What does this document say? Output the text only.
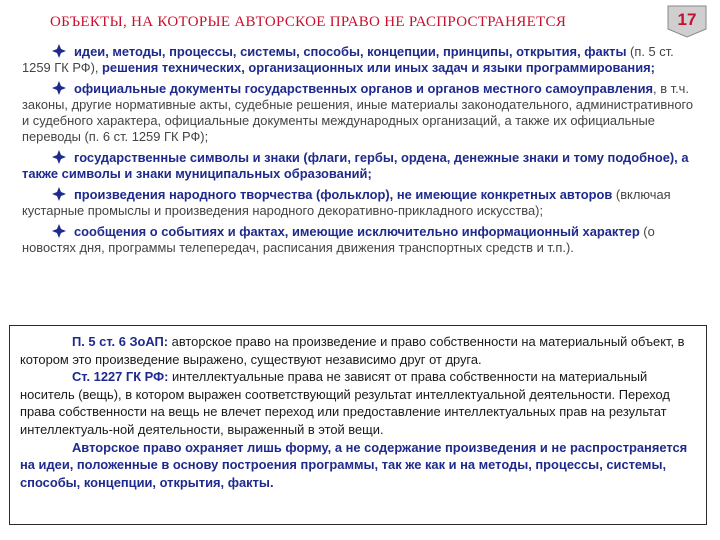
ОБЪЕКТЫ, НА КОТОРЫЕ АВТОРСКОЕ ПРАВО НЕ РАСПРОСТРАНЯЕТСЯ	17

идеи, методы, процессы, системы, способы, концепции, принципы, открытия, факты (п. 5 ст. 1259 ГК РФ), решения технических, организационных или иных задач и языки программирования;

официальные документы государственных органов и органов местного самоуправления, в т.ч. законы, другие нормативные акты, судебные решения, иные материалы законодательного, административного и судебного характера, официальные документы международных организаций, а также их официальные переводы (п. 6 ст. 1259 ГК РФ);

государственные символы и знаки (флаги, гербы, ордена, денежные знаки и тому подобное), а также символы и знаки муниципальных образований;

произведения народного творчества (фольклор), не имеющие конкретных авторов (включая кустарные промыслы и произведения народного декоративно-прикладного искусства);

сообщения о событиях и фактах, имеющие исключительно информационный характер (о новостях дня, программы телепередач, расписания движения транспортных средств и т.п.).

П. 5 ст. 6 ЗоАП: авторское право на произведение и право собственности на материальный объект, в котором это произведение выражено, существуют независимо друг от друга.

Ст. 1227 ГК РФ: интеллектуальные права не зависят от права собственности на материальный носитель (вещь), в котором выражен соответствующий результат интеллектуальной деятельности. Переход права собственности на вещь не влечет переход или предоставление интеллектуальных прав на результат интеллектуаль-ной деятельности, выраженный в этой вещи.

Авторское право охраняет лишь форму, а не содержание произведения и не распространяется на идеи, положенные в основу построения программы, так же как и на методы, процессы, системы, способы, концепции, открытия, факты.
